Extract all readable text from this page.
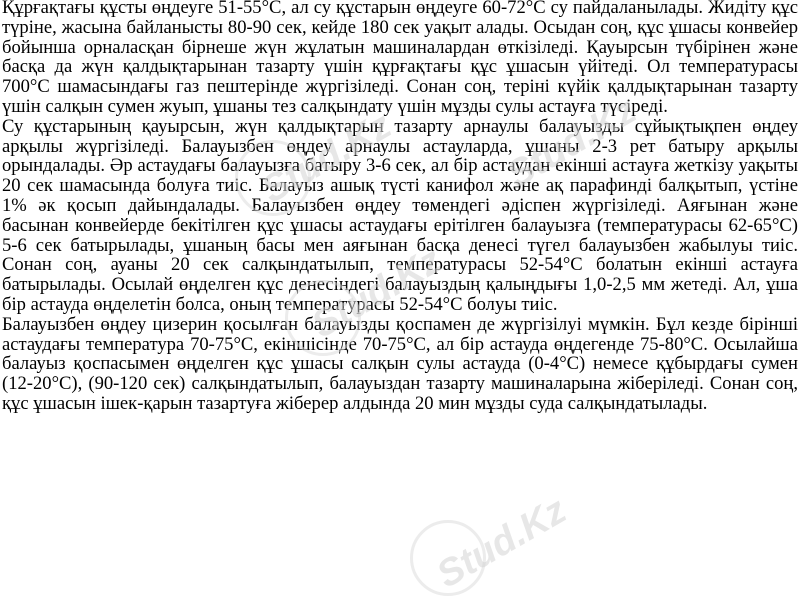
Құрғақтағы құсты өңдеуге 51-55°С, ал су құстарын өңдеуге 60-72°С су пайдаланылады. Жидіту құс түріне, жасына байланысты 80-90 сек, кейде 180 сек уақыт алады. Осыдан соң, құс ұшасы конвейер бойынша орналасқан бірнеше жүн жұлатын машиналардан өткізіледі. Қауырсын түбірінен және басқа да жүн қалдықтарынан тазарту үшін құрғақтағы құс ұшасын үйітеді. Ол температурасы 700°С шамасындағы газ пештерінде жүргізіледі. Сонан соң, теріні күйік қалдықтарынан тазарту үшін салқын сумен жуып, ұшаны тез салқындату үшін мұзды сулы астауға түсіреді.

Су құстарының қауырсын, жүн қалдықтарын тазарту арнаулы балауызды сұйықтықпен өңдеу арқылы жүргізіледі. Балауызбен өңдеу арнаулы астауларда, ұшаны 2-3 рет батыру арқылы орындалады. Әр астаудағы балауызға батыру 3-6 сек, ал бір астаудан екінші астауға жеткізу уақыты 20 сек шамасында болуға тиіс. Балауыз ашық түсті канифол және ақ парафинді балқытып, үстіне 1% әк қосып дайындалады. Балауызбен өңдеу төмендегі әдіспен жүргізіледі. Аяғынан және басынан конвейерде бекітілген құс ұшасы астаудағы ерітілген балауызға (температурасы 62-65°С) 5-6 сек батырылады, ұшаның басы мен аяғынан басқа денесі түгел балауызбен жабылуы тиіс. Сонан соң, ауаны 20 сек салқындатылып, температурасы 52-54°С болатын екінші астауға батырылады. Осылай өңделген құс денесіндегі балауыздың қалыңдығы 1,0-2,5 мм жетеді. Ал, ұша бір астауда өңделетін болса, оның температурасы 52-54°С болуы тиіс.

Балауызбен өңдеу цизерин қосылған балауызды қоспамен де жүргізілуі мүмкін. Бұл кезде бірінші астаудағы температура 70-75°С, екіншісінде 70-75°С, ал бір астауда өңдегенде 75-80°С. Осылайша балауыз қоспасымен өңделген құс ұшасы салқын сулы астауда (0-4°С) немесе құбырдағы сумен (12-20°С), (90-120 сек) салқындатылып, балауыздан тазарту машиналарына жіберіледі. Сонан соң, құс ұшасын ішек-қарын тазартуға жіберер алдында 20 мин мұзды суда салқындатылады.

Stud.Kz
Stud.Kz
Stud.Kz
Stud.Kz
